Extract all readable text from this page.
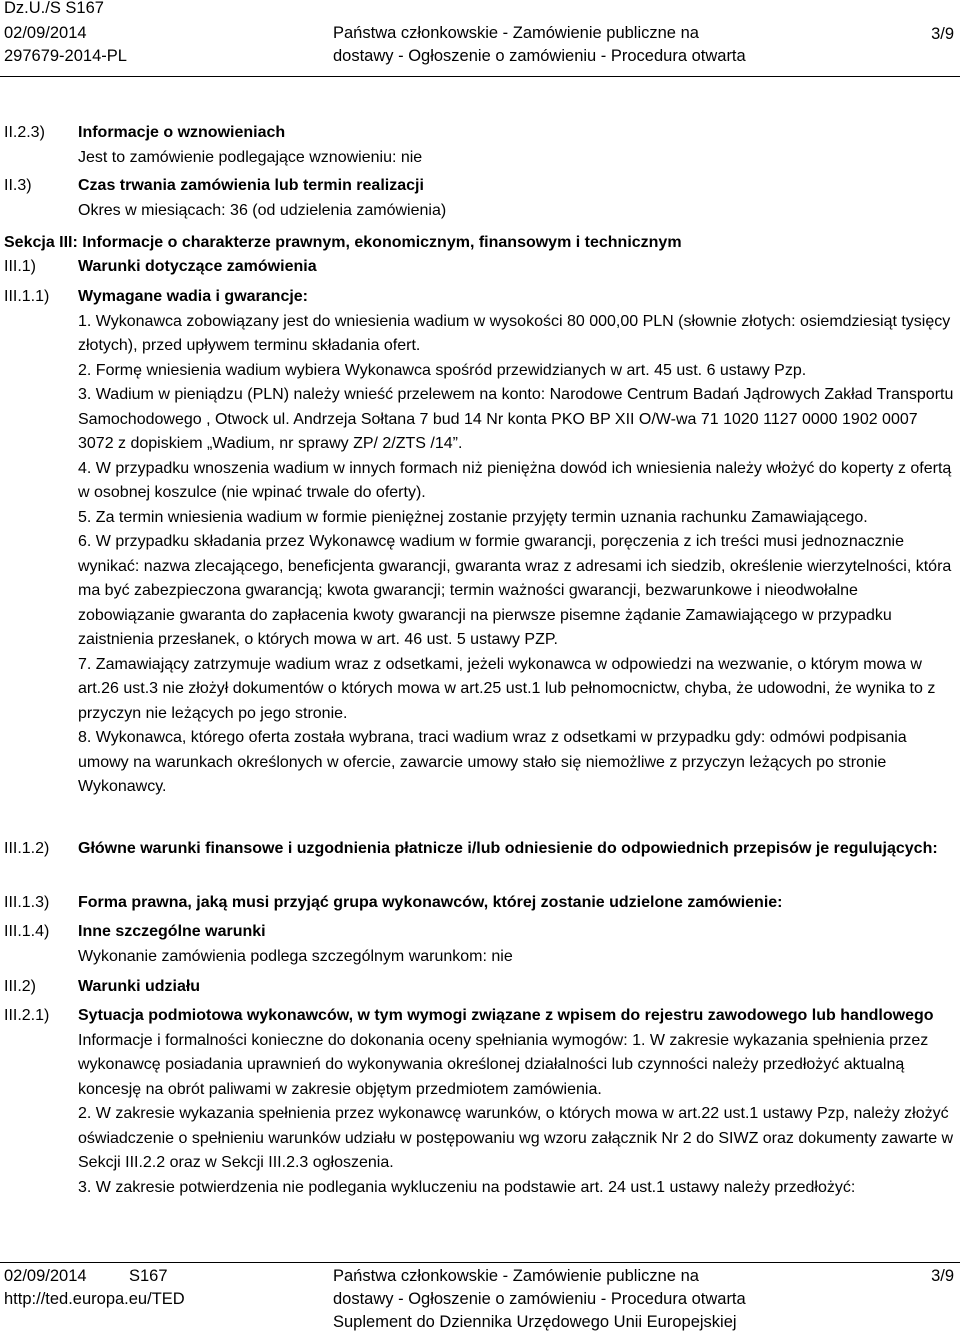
Dz.U./S S167
02/09/2014
297679-2014-PL
Państwa członkowskie - Zamówienie publiczne na
dostawy - Ogłoszenie o zamówieniu - Procedura otwarta
3/9
II.2.3) Informacje o wznowieniach

Jest to zamówienie podlegające wznowieniu: nie

II.3)	Czas trwania zamówienia lub termin realizacji

Okres w miesiącach: 36 (od udzielenia zamówienia)

Sekcja III: Informacje o charakterze prawnym, ekonomicznym, finansowym i technicznym
III.1)	Warunki dotyczące zamówienia
III.1.1) Wymagane wadia i gwarancje:

1. Wykonawca zobowiązany jest do wniesienia wadium w wysokości 80 000,00 PLN (słownie złotych: osiemdziesiąt tysięcy złotych), przed upływem terminu składania ofert.

2. Formę wniesienia wadium wybiera Wykonawca spośród przewidzianych w art. 45 ust. 6 ustawy Pzp.

3. Wadium w pieniądzu (PLN) należy wnieść przelewem na konto: Narodowe Centrum Badań Jądrowych Zakład Transportu Samochodowego , Otwock ul. Andrzeja Sołtana 7 bud 14 Nr konta PKO BP XII O/W-wa 71 1020 1127 0000 1902 0007 3072 z dopiskiem „Wadium, nr sprawy ZP/ 2/ZTS /14”.

4. W przypadku wnoszenia wadium w innych formach niż pieniężna dowód ich wniesienia należy włożyć do koperty z ofertą w osobnej koszulce (nie wpinać trwale do oferty).

5. Za termin wniesienia wadium w formie pieniężnej zostanie przyjęty termin uznania rachunku Zamawiającego.

6. W przypadku składania przez Wykonawcę wadium w formie gwarancji, poręczenia z ich treści musi jednoznacznie wynikać: nazwa zlecającego, beneficjenta gwarancji, gwaranta wraz z adresami ich siedzib, określenie wierzytelności, która ma być zabezpieczona gwarancją; kwota gwarancji; termin ważności gwarancji, bezwarunkowe i nieodwołalne zobowiązanie gwaranta do zapłacenia kwoty gwarancji na pierwsze pisemne żądanie Zamawiającego w przypadku zaistnienia przesłanek, o których mowa w art. 46 ust. 5 ustawy PZP.

7. Zamawiający zatrzymuje wadium wraz z odsetkami, jeżeli wykonawca w odpowiedzi na wezwanie, o którym mowa w art.26 ust.3 nie złożył dokumentów o których mowa w art.25 ust.1 lub pełnomocnictw, chyba, że udowodni, że wynika to z przyczyn nie leżących po jego stronie.

8. Wykonawca, którego oferta została wybrana, traci wadium wraz z odsetkami w przypadku gdy: odmówi podpisania umowy na warunkach określonych w ofercie, zawarcie umowy stało się niemożliwe z przyczyn leżących po stronie Wykonawcy.

III.1.2) Główne warunki finansowe i uzgodnienia płatnicze i/lub odniesienie do odpowiednich przepisów je regulujących:
III.1.3) Forma prawna, jaką musi przyjąć grupa wykonawców, której zostanie udzielone zamówienie:
III.1.4) Inne szczególne warunki

Wykonanie zamówienia podlega szczególnym warunkom: nie

III.2)	Warunki udziału
III.2.1) Sytuacja podmiotowa wykonawców, w tym wymogi związane z wpisem do rejestru zawodowego lub handlowego

Informacje i formalności konieczne do dokonania oceny spełniania wymogów: 1. W zakresie wykazania spełnienia przez wykonawcę posiadania uprawnień do wykonywania określonej działalności lub czynności należy przedłożyć aktualną koncesję na obrót paliwami w zakresie objętym przedmiotem zamówienia.

2. W zakresie wykazania spełnienia przez wykonawcę warunków, o których mowa w art.22 ust.1 ustawy Pzp, należy złożyć oświadczenie o spełnieniu warunków udziału w postępowaniu wg wzoru załącznik Nr 2 do SIWZ oraz dokumenty zawarte w Sekcji III.2.2 oraz w Sekcji III.2.3 ogłoszenia.

3. W zakresie potwierdzenia nie podlegania wykluczeniu na podstawie art. 24 ust.1 ustawy należy przedłożyć:

02/09/2014	S167
http://ted.europa.eu/TED
Państwa członkowskie - Zamówienie publiczne na
dostawy - Ogłoszenie o zamówieniu - Procedura otwarta
Suplement do Dziennika Urzędowego Unii Europejskiej
3/9
